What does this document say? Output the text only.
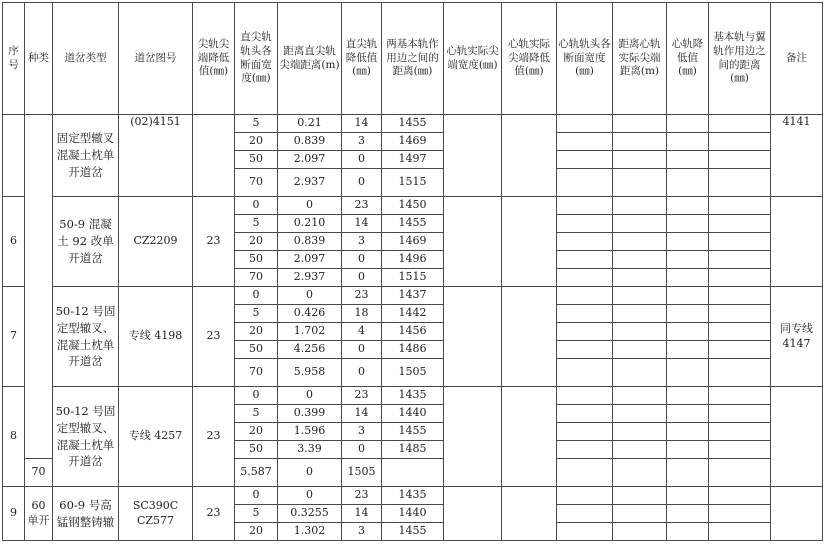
序号	种类	道岔类型	道岔图号	尖轨尖端降低值(㎜)	直尖轨轨头各断面宽度(㎜)	距离直尖轨尖端距离(m)	直尖轨降低值(㎜)	两基本轨作用边之间的距离(㎜)	心轨实际尖端宽度(㎜)	心轨实际尖端降低值(㎜)	心轨轨头各断面宽度(㎜)	距离心轨实际尖端距离(m)	心轨降低值(㎜)	基本轨与翼轨作用边之间的距离(㎜)	备注
		固定型辙叉混凝土枕单开道岔	(02)4151		5	0.21	14	1455							4141
					20	0.839	3	1469							
					50	2.097	0	1497							
					70	2.937	0	1515							
6		50-9 混凝土 92 改单开道岔	CZ2209	23	0	0	23	1450							
					5	0.210	14	1455							
					20	0.839	3	1469							
					50	2.097	0	1496							
					70	2.937	0	1515							
7		50-12 号固定型辙叉、混凝土枕单开道岔	专线 4198	23	0	0	23	1437							同专线 4147
					5	0.426	18	1442							
					20	1.702	4	1456							
					50	4.256	0	1486							
					70	5.958	0	1505							
8		50-12 号固定型辙叉、混凝土枕单开道岔	专线 4257	23	0	0	23	1435							
					5	0.399	14	1440							
					20	1.596	3	1455							
					50	3.39	0	1485							
	70				5.587	0	1505								
9	60 单开	60-9 号高锰钢整铸辙	SC390C CZ577	23	0	0	23	1435							
					5	0.3255	14	1440							
					20	1.302	3	1455							
